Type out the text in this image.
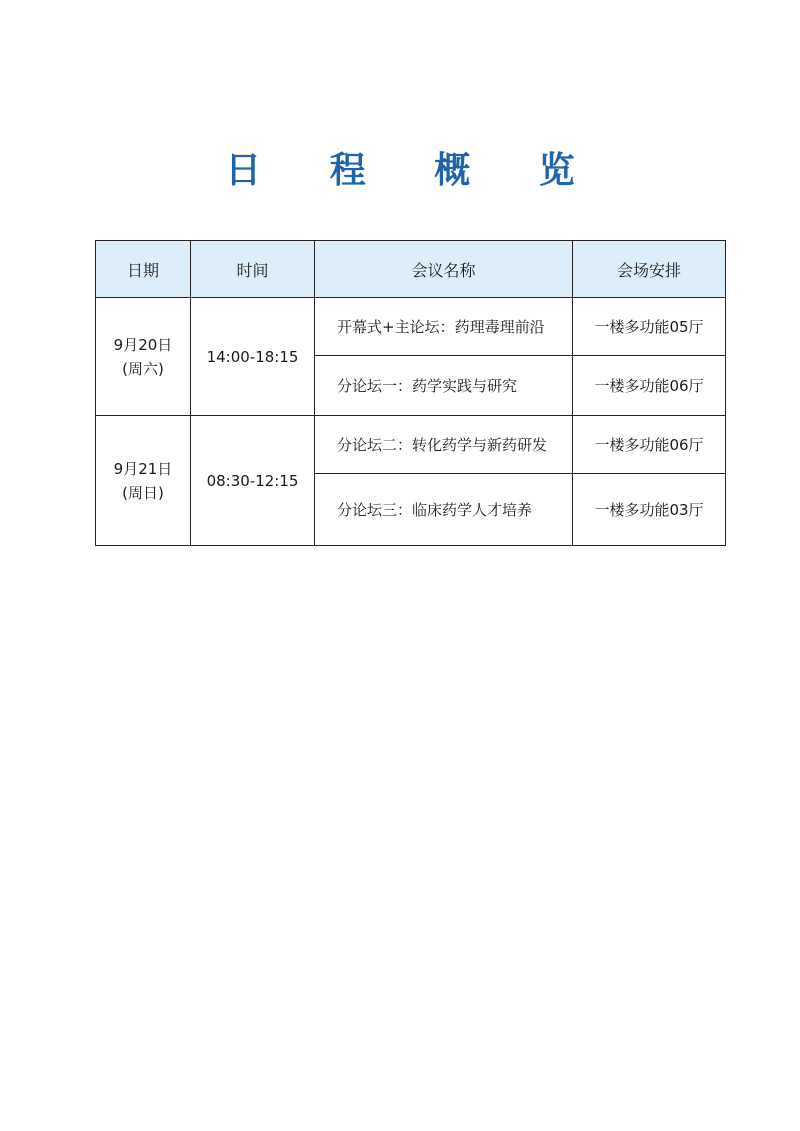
日 程 概 览
日期	时间	会议名称	会场安排

9月20日
(周六)	14:00-18:15	开幕式+主论坛：药理毒理前沿	一楼多功能05厅
		分论坛一：药学实践与研究	一楼多功能06厅

9月21日
(周日)	08:30-12:15	分论坛二：转化药学与新药研发	一楼多功能06厅
		分论坛三：临床药学人才培养	一楼多功能03厅
